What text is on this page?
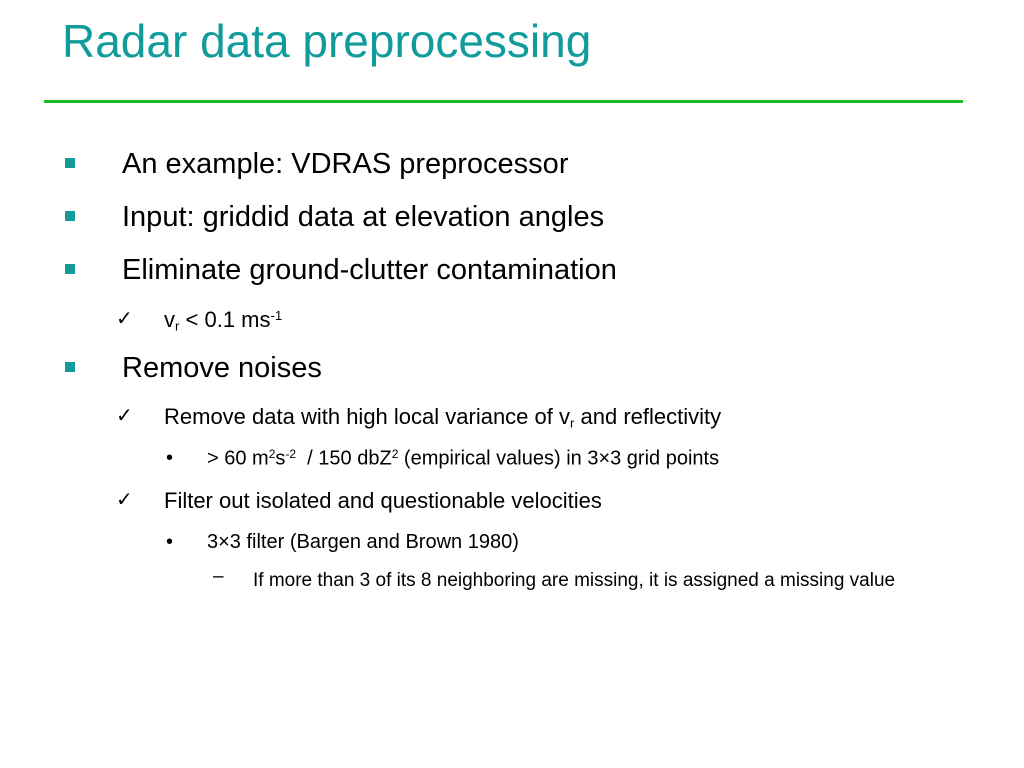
Radar data preprocessing
An example: VDRAS preprocessor
Input: griddid data at elevation angles
Eliminate ground-clutter contamination
✓ $v_r < 0.1$ $ms^{-1}$
Remove noises
✓ Remove data with high local variance of $v_r$ and reflectivity
• > 60 $m^2s^{-2} / 150$ dbZ$^2$ (empirical values) in 3×3 grid points
✓ Filter out isolated and questionable velocities
• 3×3 filter (Bargen and Brown 1980)
– If more than 3 of its 8 neighboring are missing, it is assigned a missing value
